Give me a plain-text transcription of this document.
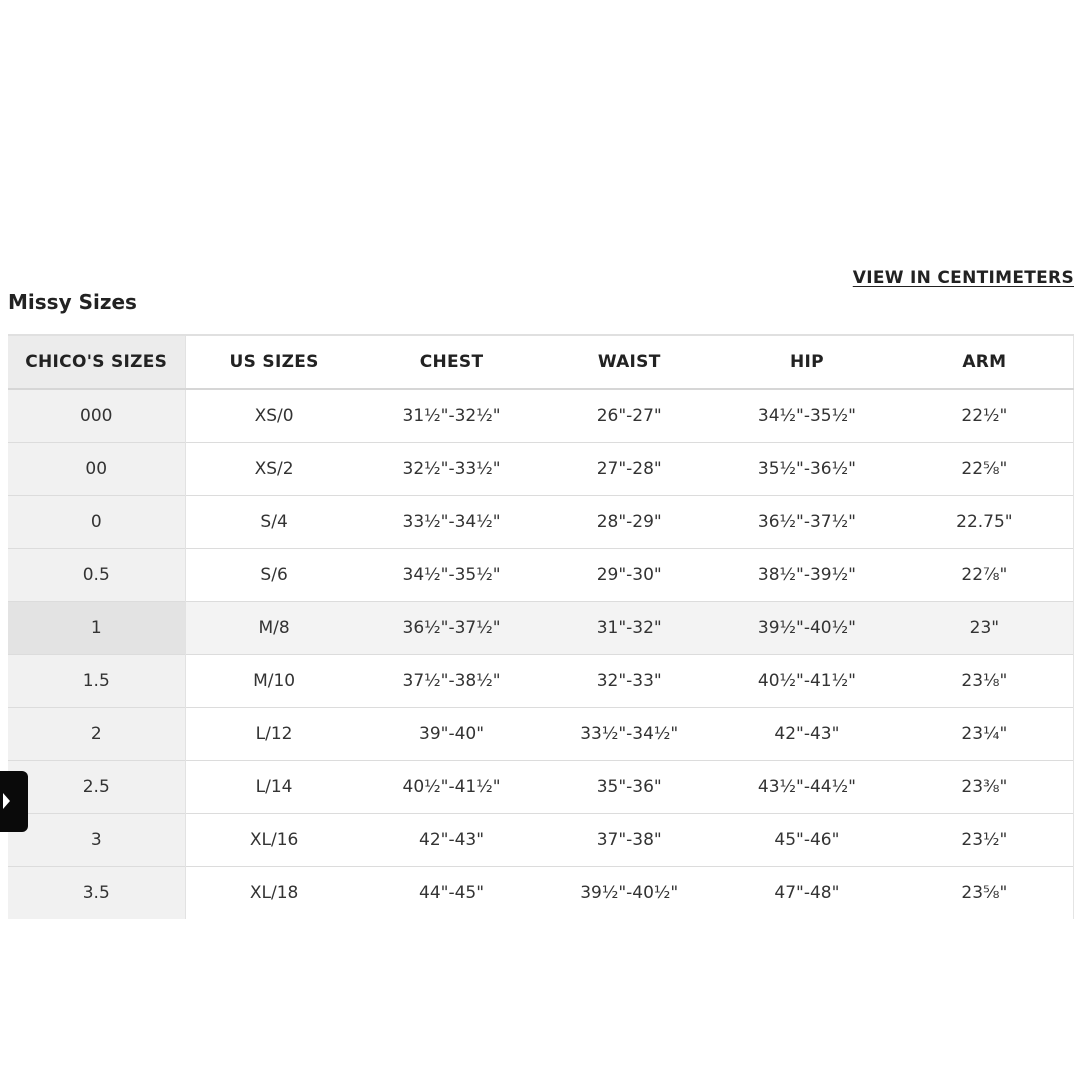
Missy Sizes
VIEW IN CENTIMETERS
CHICO'S SIZES	US SIZES	CHEST	WAIST	HIP	ARM
000	XS/0	31½"-32½"	26"-27"	34½"-35½"	22½"
00	XS/2	32½"-33½"	27"-28"	35½"-36½"	22⅝"
0	S/4	33½"-34½"	28"-29"	36½"-37½"	22.75"
0.5	S/6	34½"-35½"	29"-30"	38½"-39½"	22⅞"
1	M/8	36½"-37½"	31"-32"	39½"-40½"	23"
1.5	M/10	37½"-38½"	32"-33"	40½"-41½"	23⅛"
2	L/12	39"-40"	33½"-34½"	42"-43"	23¼"
2.5	L/14	40½"-41½"	35"-36"	43½"-44½"	23⅜"
3	XL/16	42"-43"	37"-38"	45"-46"	23½"
3.5	XL/18	44"-45"	39½"-40½"	47"-48"	23⅝"
